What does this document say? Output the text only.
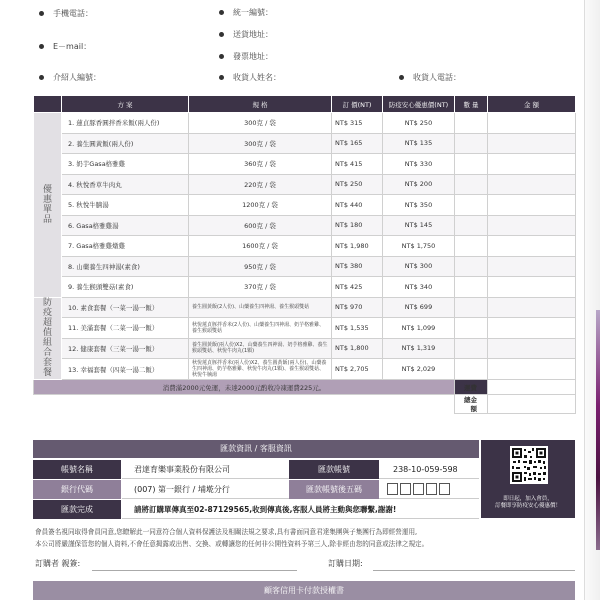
手機電話：
E－mail：
介紹人編號：
統一編號：
送貨地址：
發票地址：
收貨人姓名：	收貨人電話：
	方 案	規 格	訂 價(NT)	防疫安心優惠價(NT)	數 量	金 額

優惠單品	1. 蓮貞豚香圓拌香米飯(兩人份)	300克 / 袋	NT$ 315	NT$ 250		
	2. 養生圓黃飯(兩人份)	300克 / 袋	NT$ 165	NT$ 135		
	3. 奶芋Gasa格雅雞	360克 / 袋	NT$ 415	NT$ 330		
	4. 秋悅香草牛肉丸	220克 / 袋	NT$ 250	NT$ 200		
	5. 秋悅牛腩湯	1200克 / 袋	NT$ 440	NT$ 350		
	6. Gasa格雅雞湯	600克 / 袋	NT$ 180	NT$ 145		
	7. Gasa格雅雞燉雞	1600克 / 袋	NT$ 1,980	NT$ 1,750		
	8. 山藥養生四神湯(素食)	950克 / 袋	NT$ 380	NT$ 300		
	9. 養生猴頭雙菇(素食)	370克 / 袋	NT$ 425	NT$ 340		

防疫超值組合套餐	10. 素食套餐（一菜一湯一飯）	養生圓黃飯(2人份)、山藥養生四神湯、養生猴頭雙菇	NT$ 970	NT$ 699		
	11. 美滿套餐（二菜一湯一飯）	秋悅蓮貞豚拌香米(2人份)、山藥養生四神湯、奶芋格雅雞、養生猴頭雙菇	NT$ 1,535	NT$ 1,099		
	12. 健康套餐（三菜一湯一飯）	養生圓黃飯(兩人份)X2、山藥養生四神湯、奶芋格雅雞、養生猴頭雙菇、秋悅牛肉丸(1顆)	NT$ 1,800	NT$ 1,319		
	13. 幸福套餐（四菜一湯二飯）	秋悅蓮貞豚拌香米(兩人份)X2、養生圓黃飯(兩人份)、山藥養生四神湯、奶芋格雅雞、秋悅牛肉丸(1顆)、養生猴頭雙菇、秋悅牛腩湯	NT$ 2,705	NT$ 2,029		
消費滿2000元免運，未達2000元酌收冷凍運費225元。					運費	
					總金額	
匯款資訊 / 客服資訊
帳號名稱	君達育樂事業股份有限公司	匯款帳號	238-10-059-598
銀行代碼	(007) 第一銀行 / 埔墘分行	匯款帳號後五碼
匯款完成	請將訂購單傳真至02-87129565,收到傳真後,客服人員將主動與您聯繫,謝謝!
即日起，加入會員，
訂餐即享防疫安心優惠價！
會員簽名視同取得會員同意,您瞭解此一同意符合個人資料保護法及相關法規之要求,具有書面同意君達集團與子集團行為即經營運用,
本公司將嚴謹保管您的個人資料,不會任意揭露或出售、交換、或轉讓您的任何非公開性資料予第三人,除非經由您的同意或法律之規定。
訂購者 親簽:	訂購日期:
顧客信用卡付款授權書
